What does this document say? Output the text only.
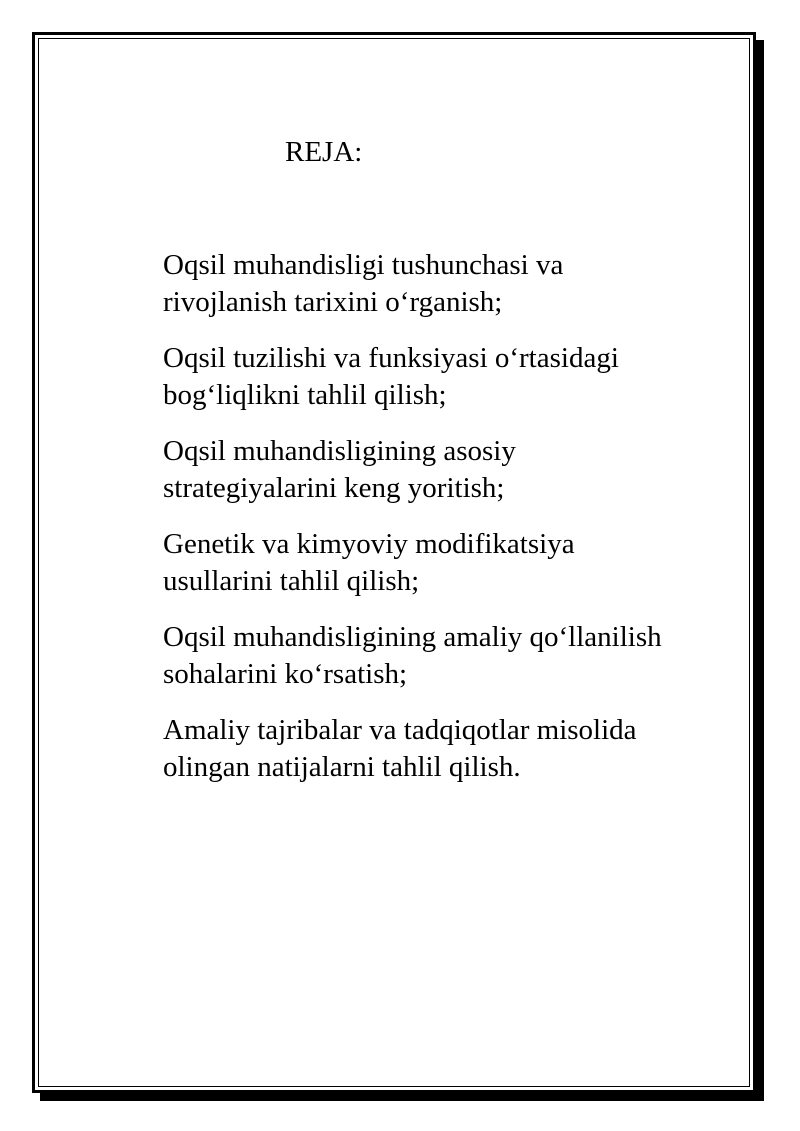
REJA:
Oqsil muhandisligi tushunchasi va
rivojlanish tarixini o‘rganish;
Oqsil tuzilishi va funksiyasi o‘rtasidagi
bog‘liqlikni tahlil qilish;
Oqsil muhandisligining asosiy
strategiyalarini keng yoritish;
Genetik va kimyoviy modifikatsiya
usullarini tahlil qilish;
Oqsil muhandisligining amaliy qo‘llanilish
sohalarini ko‘rsatish;
Amaliy tajribalar va tadqiqotlar misolida
olingan natijalarni tahlil qilish.
